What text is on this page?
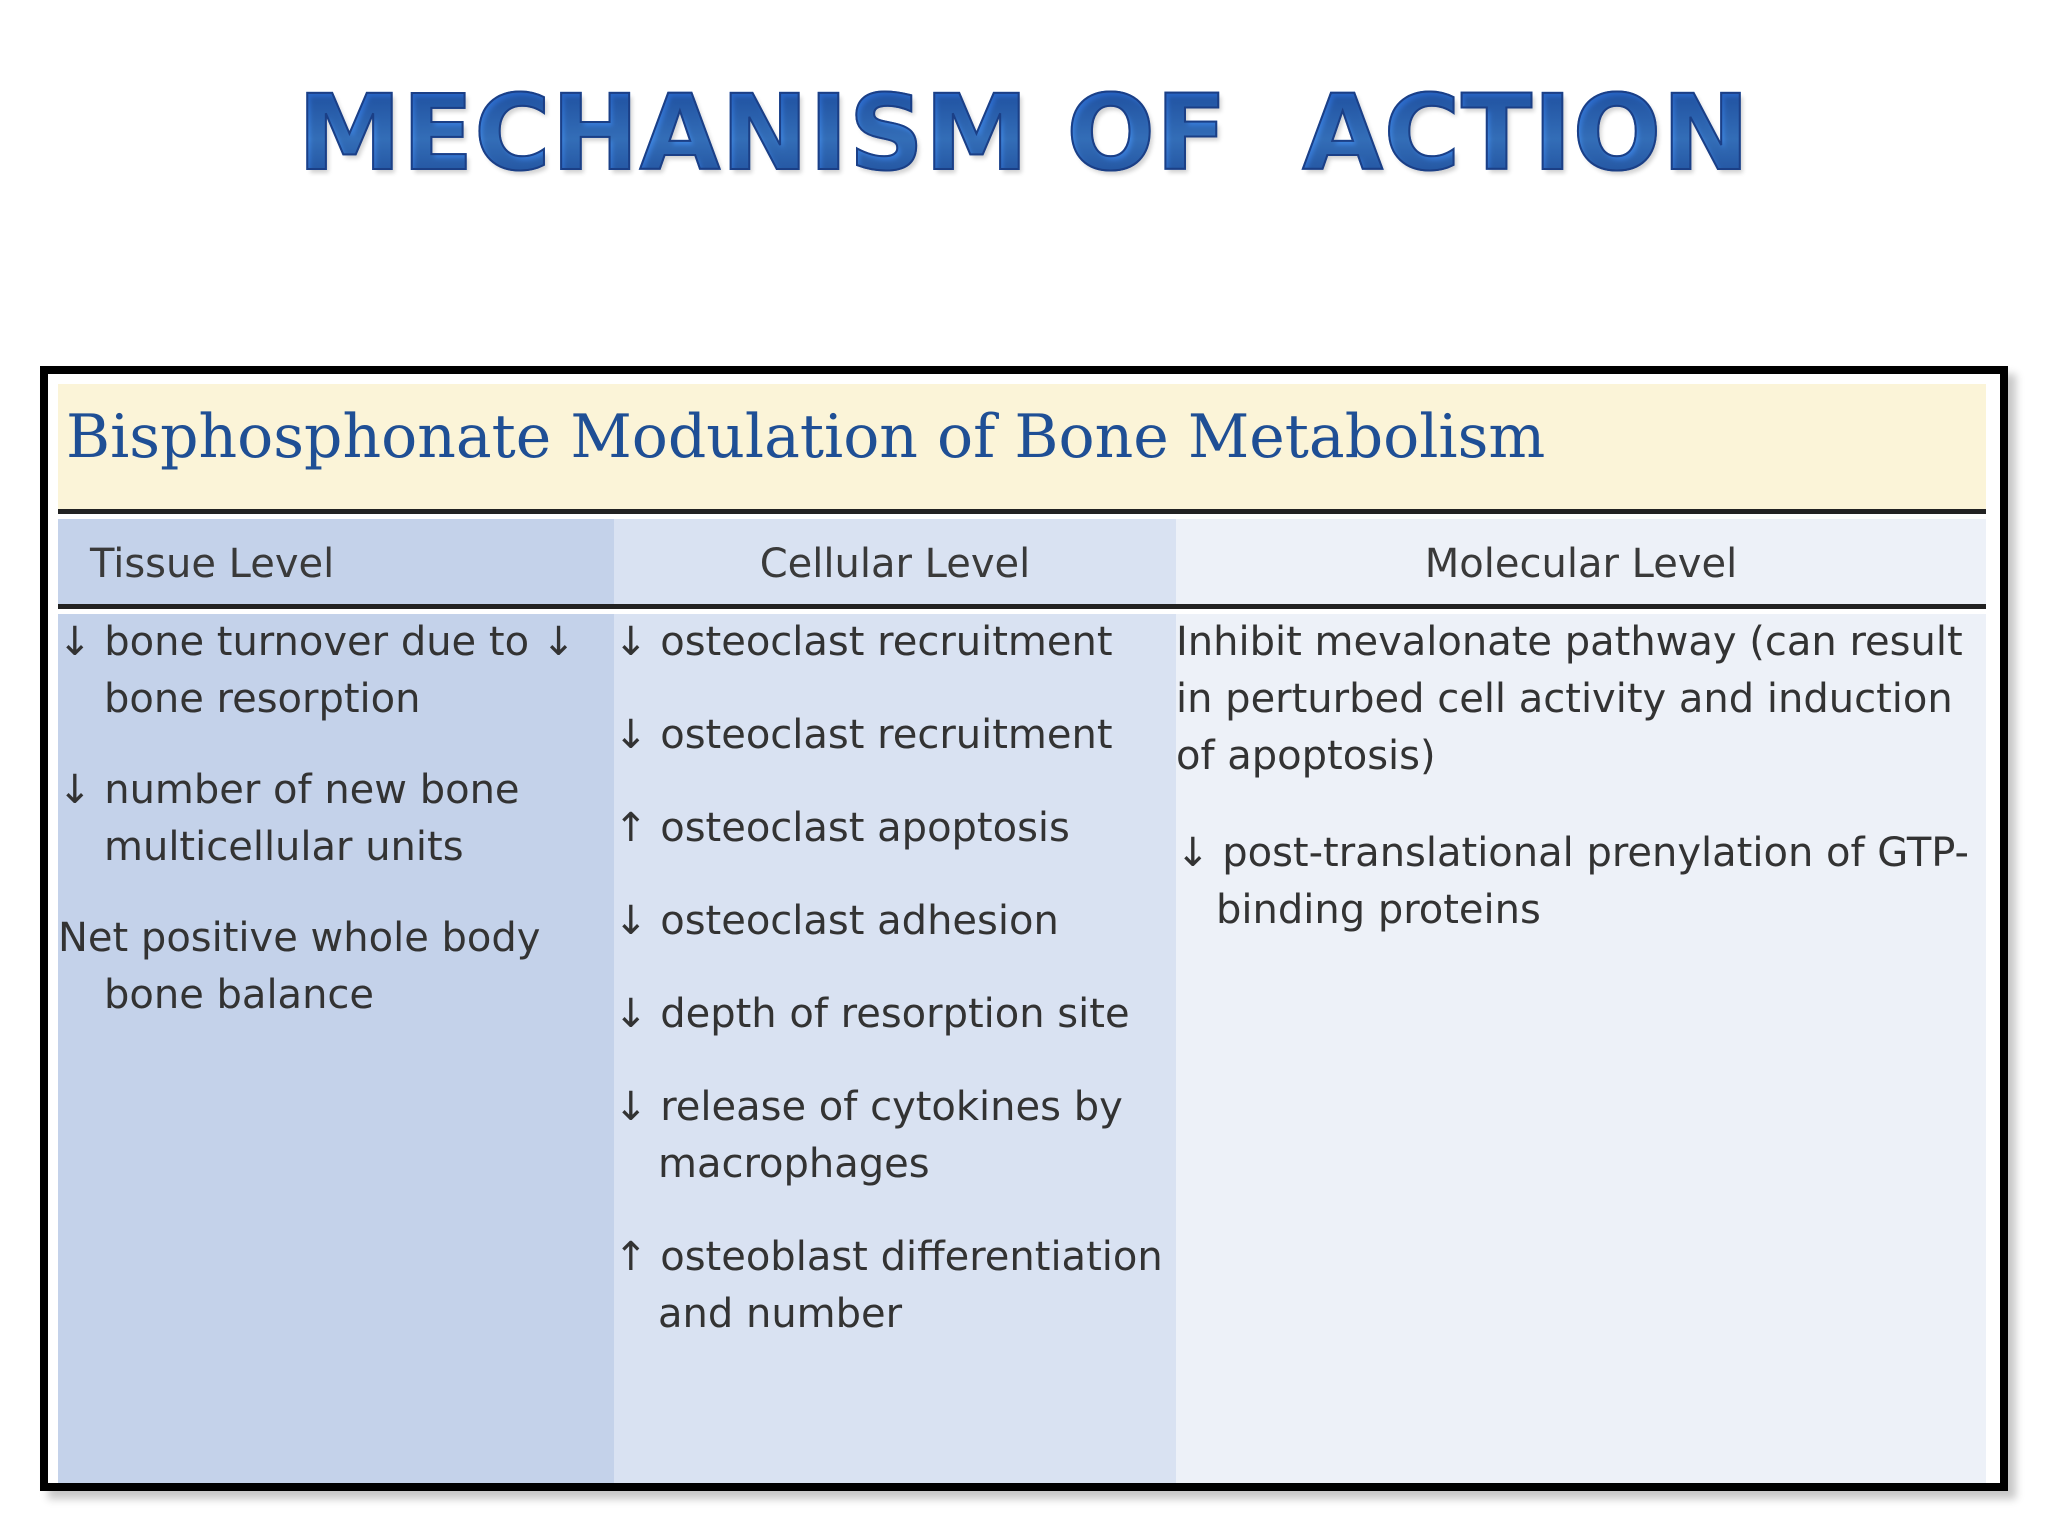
MECHANISM OF  ACTION
Bisphosphonate Modulation of Bone Metabolism
Tissue Level	Cellular Level	Molecular Level
↓ bone turnover due to ↓ bone resorption
↓ number of new bone multicellular units
Net positive whole body bone balance
↓ osteoclast recruitment
↓ osteoclast recruitment
↑ osteoclast apoptosis
↓ osteoclast adhesion
↓ depth of resorption site
↓ release of cytokines by macrophages
↑ osteoblast differentiation and number
Inhibit mevalonate pathway (can result in perturbed cell activity and induction of apoptosis)
↓ post-translational prenylation of GTP-binding proteins
